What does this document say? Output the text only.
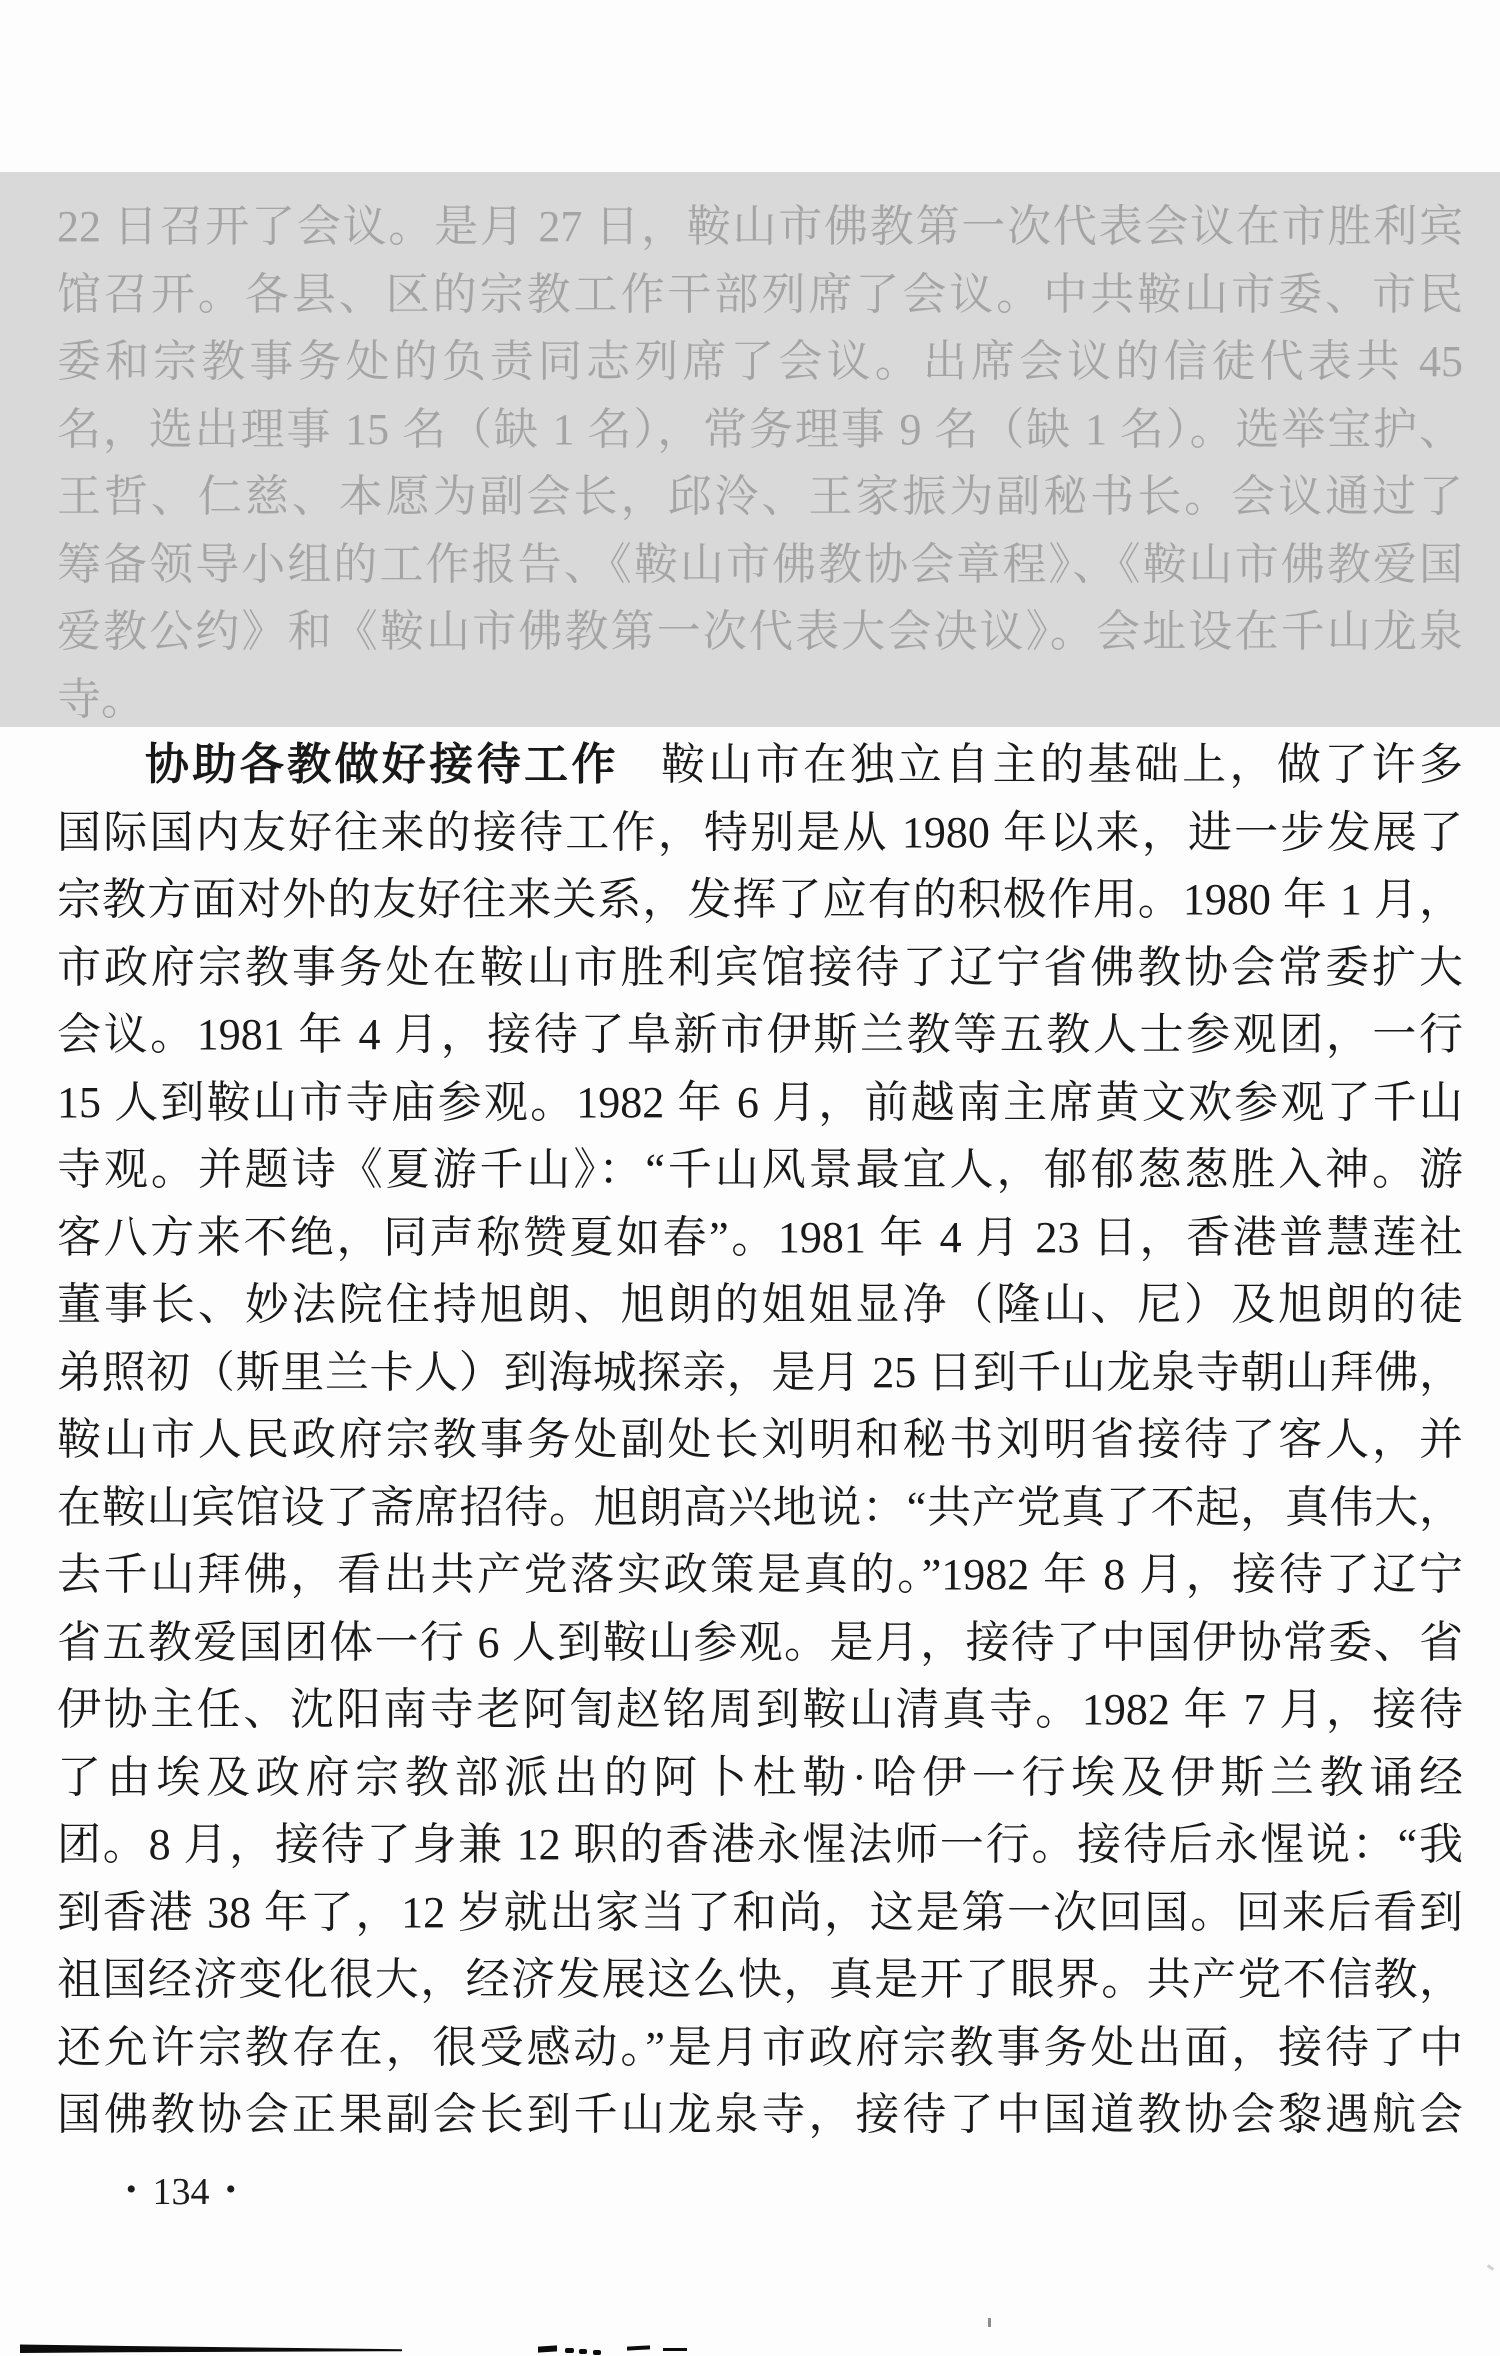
22 日召开了会议。是月 27 日，鞍山市佛教第一次代表会议在市胜利宾
馆召开。各县、区的宗教工作干部列席了会议。中共鞍山市委、市民
委和宗教事务处的负责同志列席了会议。出席会议的信徒代表共 45
名，选出理事 15 名（缺 1 名），常务理事 9 名（缺 1 名）。选举宝护、
王哲、仁慈、本愿为副会长，邱泠、王家振为副秘书长。会议通过了
筹备领导小组的工作报告、《鞍山市佛教协会章程》、《鞍山市佛教爱国
爱教公约》和《鞍山市佛教第一次代表大会决议》。会址设在千山龙泉
寺。
协助各教做好接待工作 鞍山市在独立自主的基础上，做了许多
国际国内友好往来的接待工作，特别是从 1980 年以来，进一步发展了
宗教方面对外的友好往来关系，发挥了应有的积极作用。1980 年 1 月，
市政府宗教事务处在鞍山市胜利宾馆接待了辽宁省佛教协会常委扩大
会议。1981 年 4 月，接待了阜新市伊斯兰教等五教人士参观团，一行
15 人到鞍山市寺庙参观。1982 年 6 月，前越南主席黄文欢参观了千山
寺观。并题诗《夏游千山》：“千山风景最宜人，郁郁葱葱胜入神。游
客八方来不绝，同声称赞夏如春”。1981 年 4 月 23 日，香港普慧莲社
董事长、妙法院住持旭朗、旭朗的姐姐显净（隆山、尼）及旭朗的徒
弟照初（斯里兰卡人）到海城探亲，是月 25 日到千山龙泉寺朝山拜佛，
鞍山市人民政府宗教事务处副处长刘明和秘书刘明省接待了客人，并
在鞍山宾馆设了斋席招待。旭朗高兴地说：“共产党真了不起，真伟大，
去千山拜佛，看出共产党落实政策是真的。”1982 年 8 月，接待了辽宁
省五教爱国团体一行 6 人到鞍山参观。是月，接待了中国伊协常委、省
伊协主任、沈阳南寺老阿訇赵铭周到鞍山清真寺。1982 年 7 月，接待
了由埃及政府宗教部派出的阿卜杜勒·哈伊一行埃及伊斯兰教诵经
团。8 月，接待了身兼 12 职的香港永惺法师一行。接待后永惺说：“我
到香港 38 年了，12 岁就出家当了和尚，这是第一次回国。回来后看到
祖国经济变化很大，经济发展这么快，真是开了眼界。共产党不信教，
还允许宗教存在，很受感动。”是月市政府宗教事务处出面，接待了中
国佛教协会正果副会长到千山龙泉寺，接待了中国道教协会黎遇航会
• 134 •
